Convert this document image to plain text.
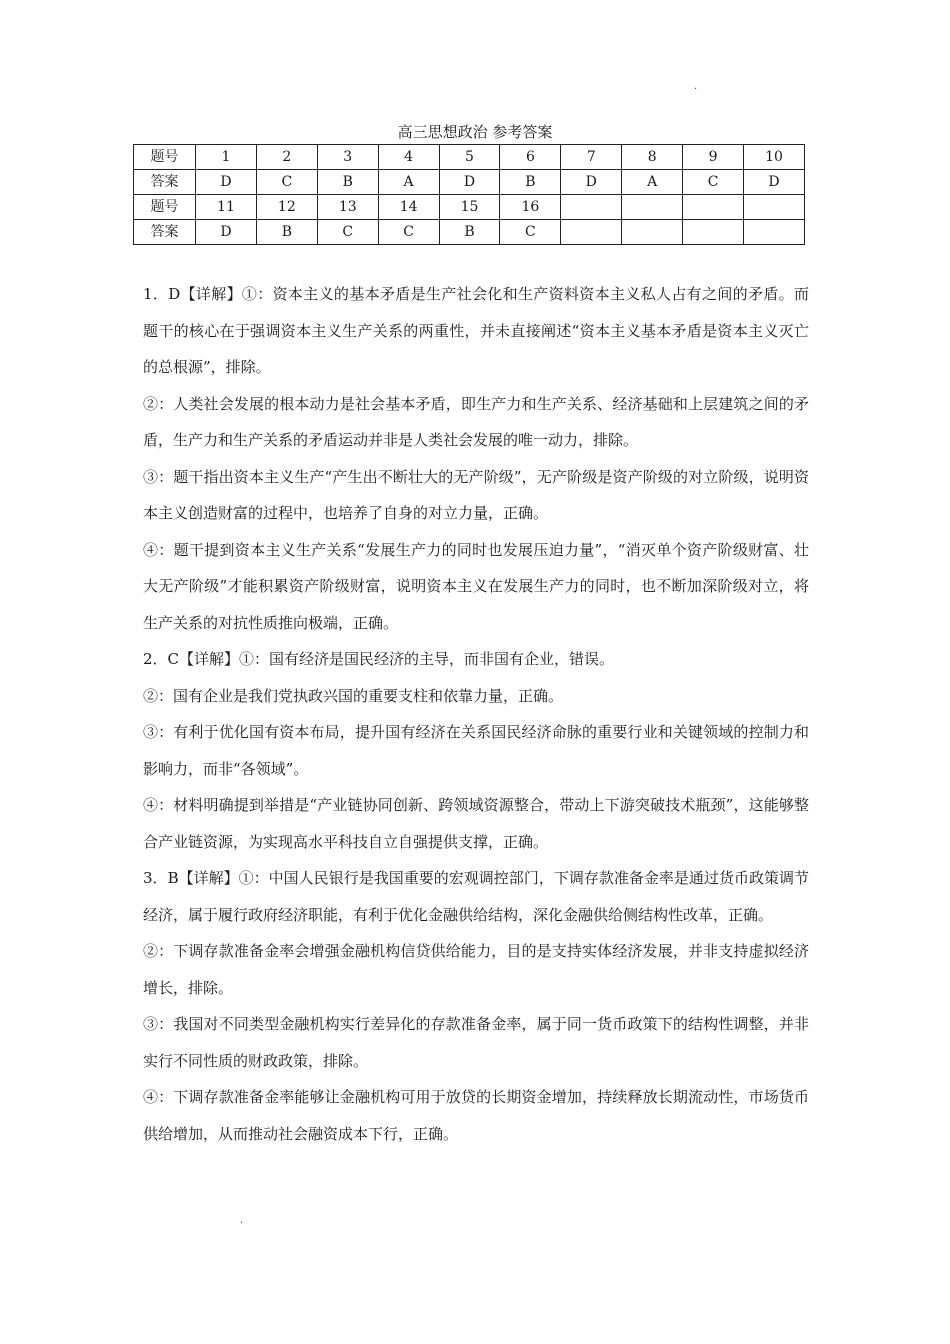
.
高三思想政治 参考答案
题号	1	2	3	4	5	6	7	8	9	10
答案	D	C	B	A	D	B	D	A	C	D
题号	11	12	13	14	15	16				
答案	D	B	C	C	B	C				

1．D【详解】①：资本主义的基本矛盾是生产社会化和生产资料资本主义私人占有之间的矛盾。而题干的核心在于强调资本主义生产关系的两重性，并未直接阐述“资本主义基本矛盾是资本主义灭亡的总根源”，排除。

②：人类社会发展的根本动力是社会基本矛盾，即生产力和生产关系、经济基础和上层建筑之间的矛盾，生产力和生产关系的矛盾运动并非是人类社会发展的唯一动力，排除。

③：题干指出资本主义生产“产生出不断壮大的无产阶级”，无产阶级是资产阶级的对立阶级，说明资本主义创造财富的过程中，也培养了自身的对立力量，正确。

④：题干提到资本主义生产关系“发展生产力的同时也发展压迫力量”，“消灭单个资产阶级财富、壮大无产阶级”才能积累资产阶级财富，说明资本主义在发展生产力的同时，也不断加深阶级对立，将生产关系的对抗性质推向极端，正确。

2．C【详解】①：国有经济是国民经济的主导，而非国有企业，错误。

②：国有企业是我们党执政兴国的重要支柱和依靠力量，正确。

③：有利于优化国有资本布局，提升国有经济在关系国民经济命脉的重要行业和关键领域的控制力和影响力，而非“各领域”。

④：材料明确提到举措是“产业链协同创新、跨领域资源整合，带动上下游突破技术瓶颈”，这能够整合产业链资源，为实现高水平科技自立自强提供支撑，正确。

3．B【详解】①：中国人民银行是我国重要的宏观调控部门，下调存款准备金率是通过货币政策调节经济，属于履行政府经济职能，有利于优化金融供给结构，深化金融供给侧结构性改革，正确。

②：下调存款准备金率会增强金融机构信贷供给能力，目的是支持实体经济发展，并非支持虚拟经济增长，排除。

③：我国对不同类型金融机构实行差异化的存款准备金率，属于同一货币政策下的结构性调整，并非实行不同性质的财政政策，排除。

④：下调存款准备金率能够让金融机构可用于放贷的长期资金增加，持续释放长期流动性，市场货币供给增加，从而推动社会融资成本下行，正确。

.
